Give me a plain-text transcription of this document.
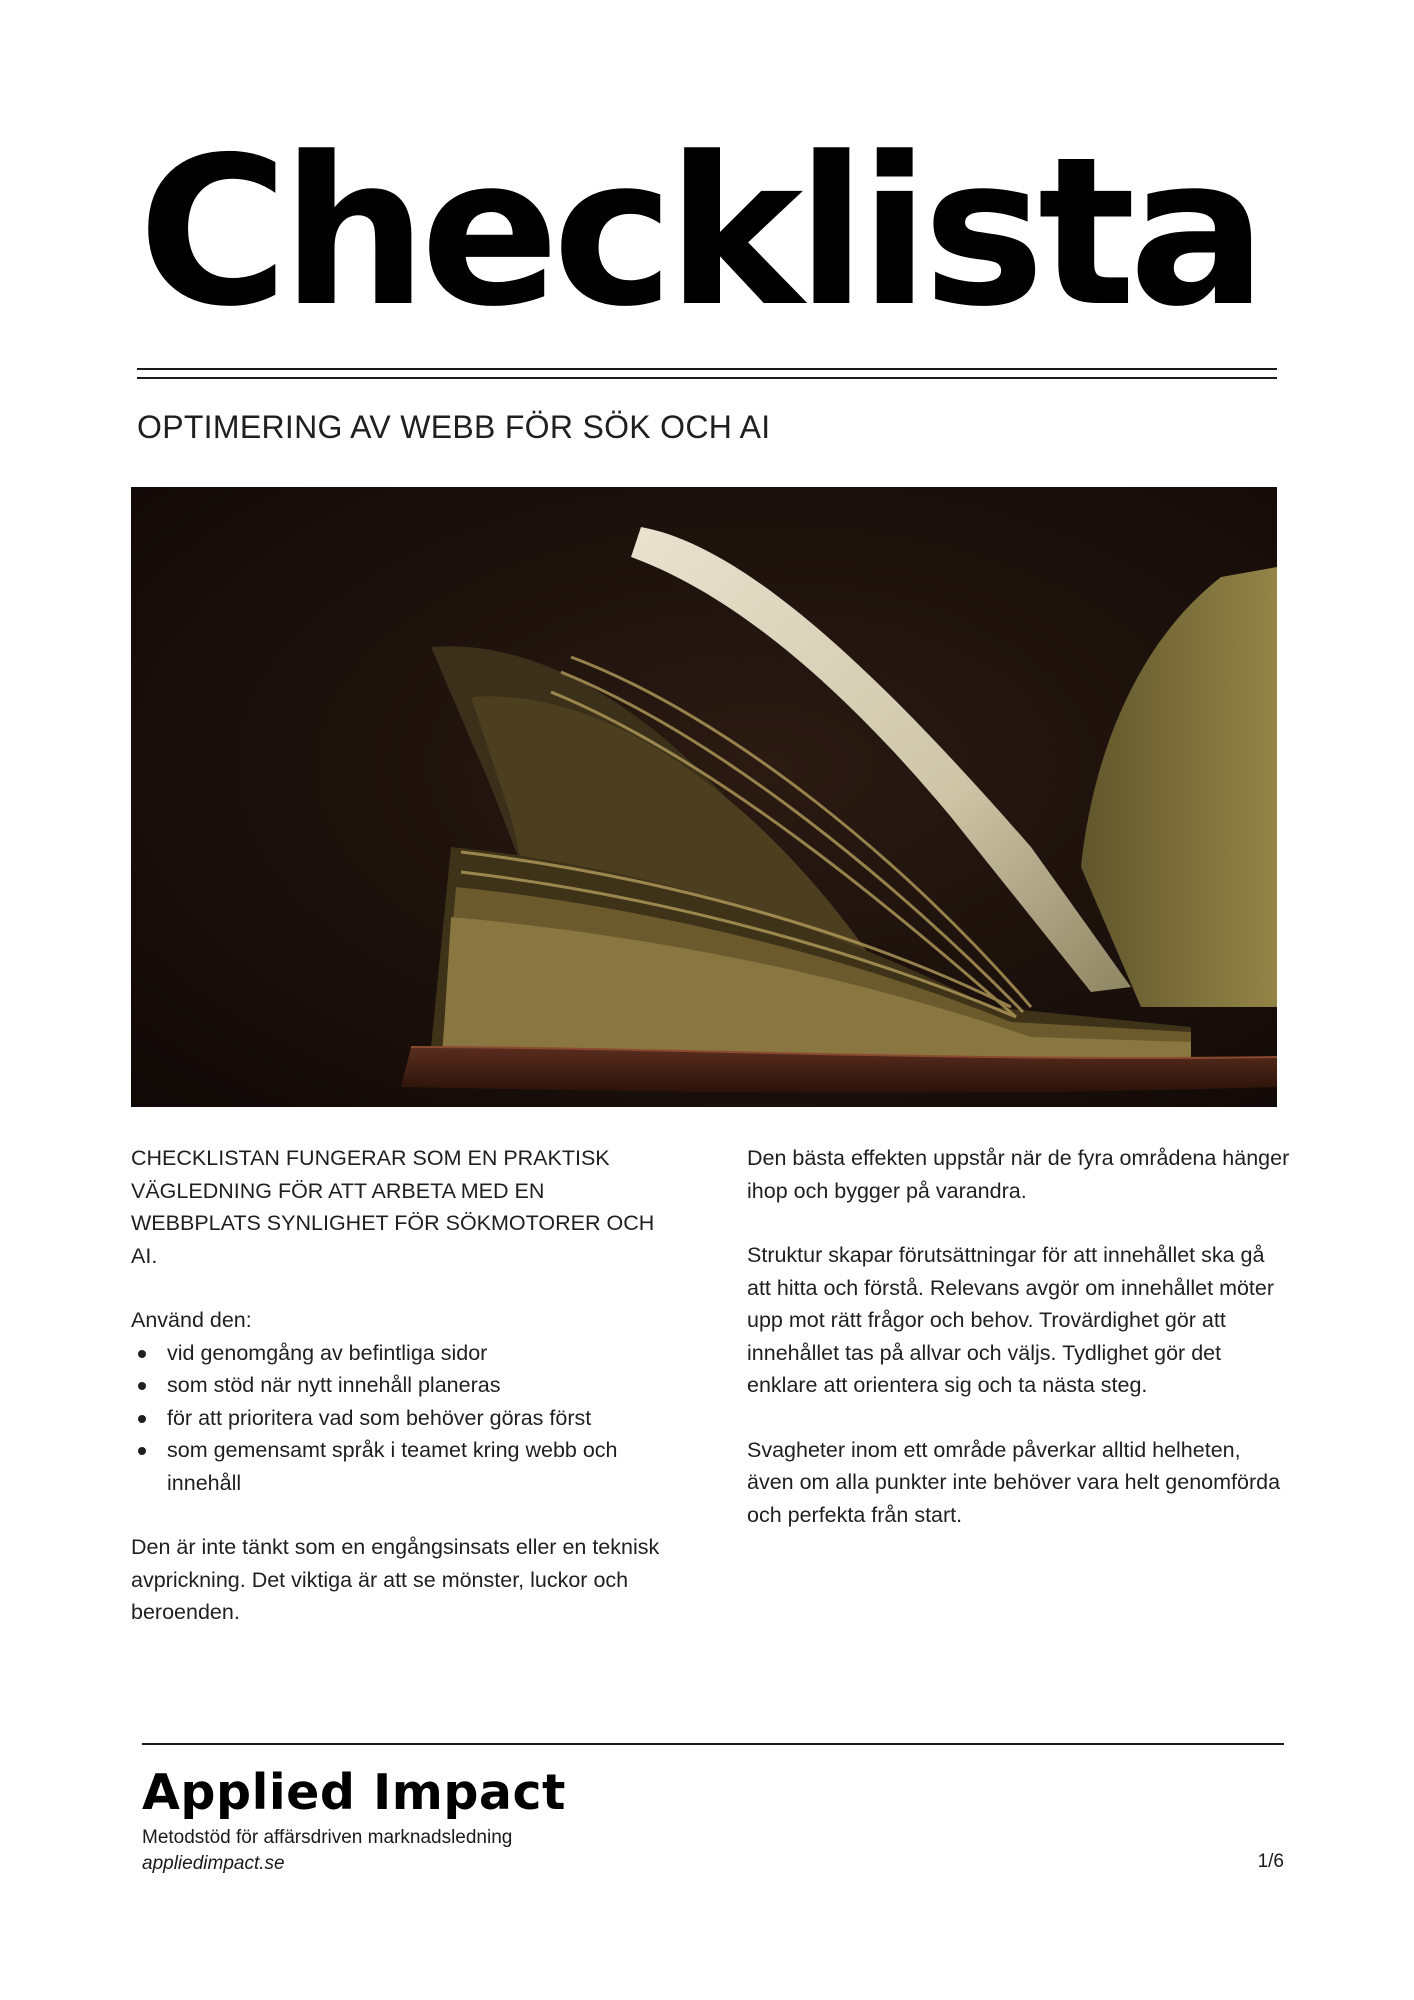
Checklista
OPTIMERING AV WEBB FÖR SÖK OCH AI

CHECKLISTAN FUNGERAR SOM EN PRAKTISK VÄGLEDNING FÖR ATT ARBETA MED EN WEBBPLATS SYNLIGHET FÖR SÖKMOTORER OCH AI.

Använd den:

vid genomgång av befintliga sidor
som stöd när nytt innehåll planeras
för att prioritera vad som behöver göras först
som gemensamt språk i teamet kring webb och innehåll

Den är inte tänkt som en engångsinsats eller en teknisk avprickning. Det viktiga är att se mönster, luckor och beroenden.

Den bästa effekten uppstår när de fyra områdena hänger ihop och bygger på varandra.

Struktur skapar förutsättningar för att innehållet ska gå att hitta och förstå. Relevans avgör om innehållet möter upp mot rätt frågor och behov. Trovärdighet gör att innehållet tas på allvar och väljs. Tydlighet gör det enklare att orientera sig och ta nästa steg.

Svagheter inom ett område påverkar alltid helheten, även om alla punkter inte behöver vara helt genomförda och perfekta från start.

Applied Impact
Metodstöd för affärsdriven marknadsledning
appliedimpact.se	1/6
